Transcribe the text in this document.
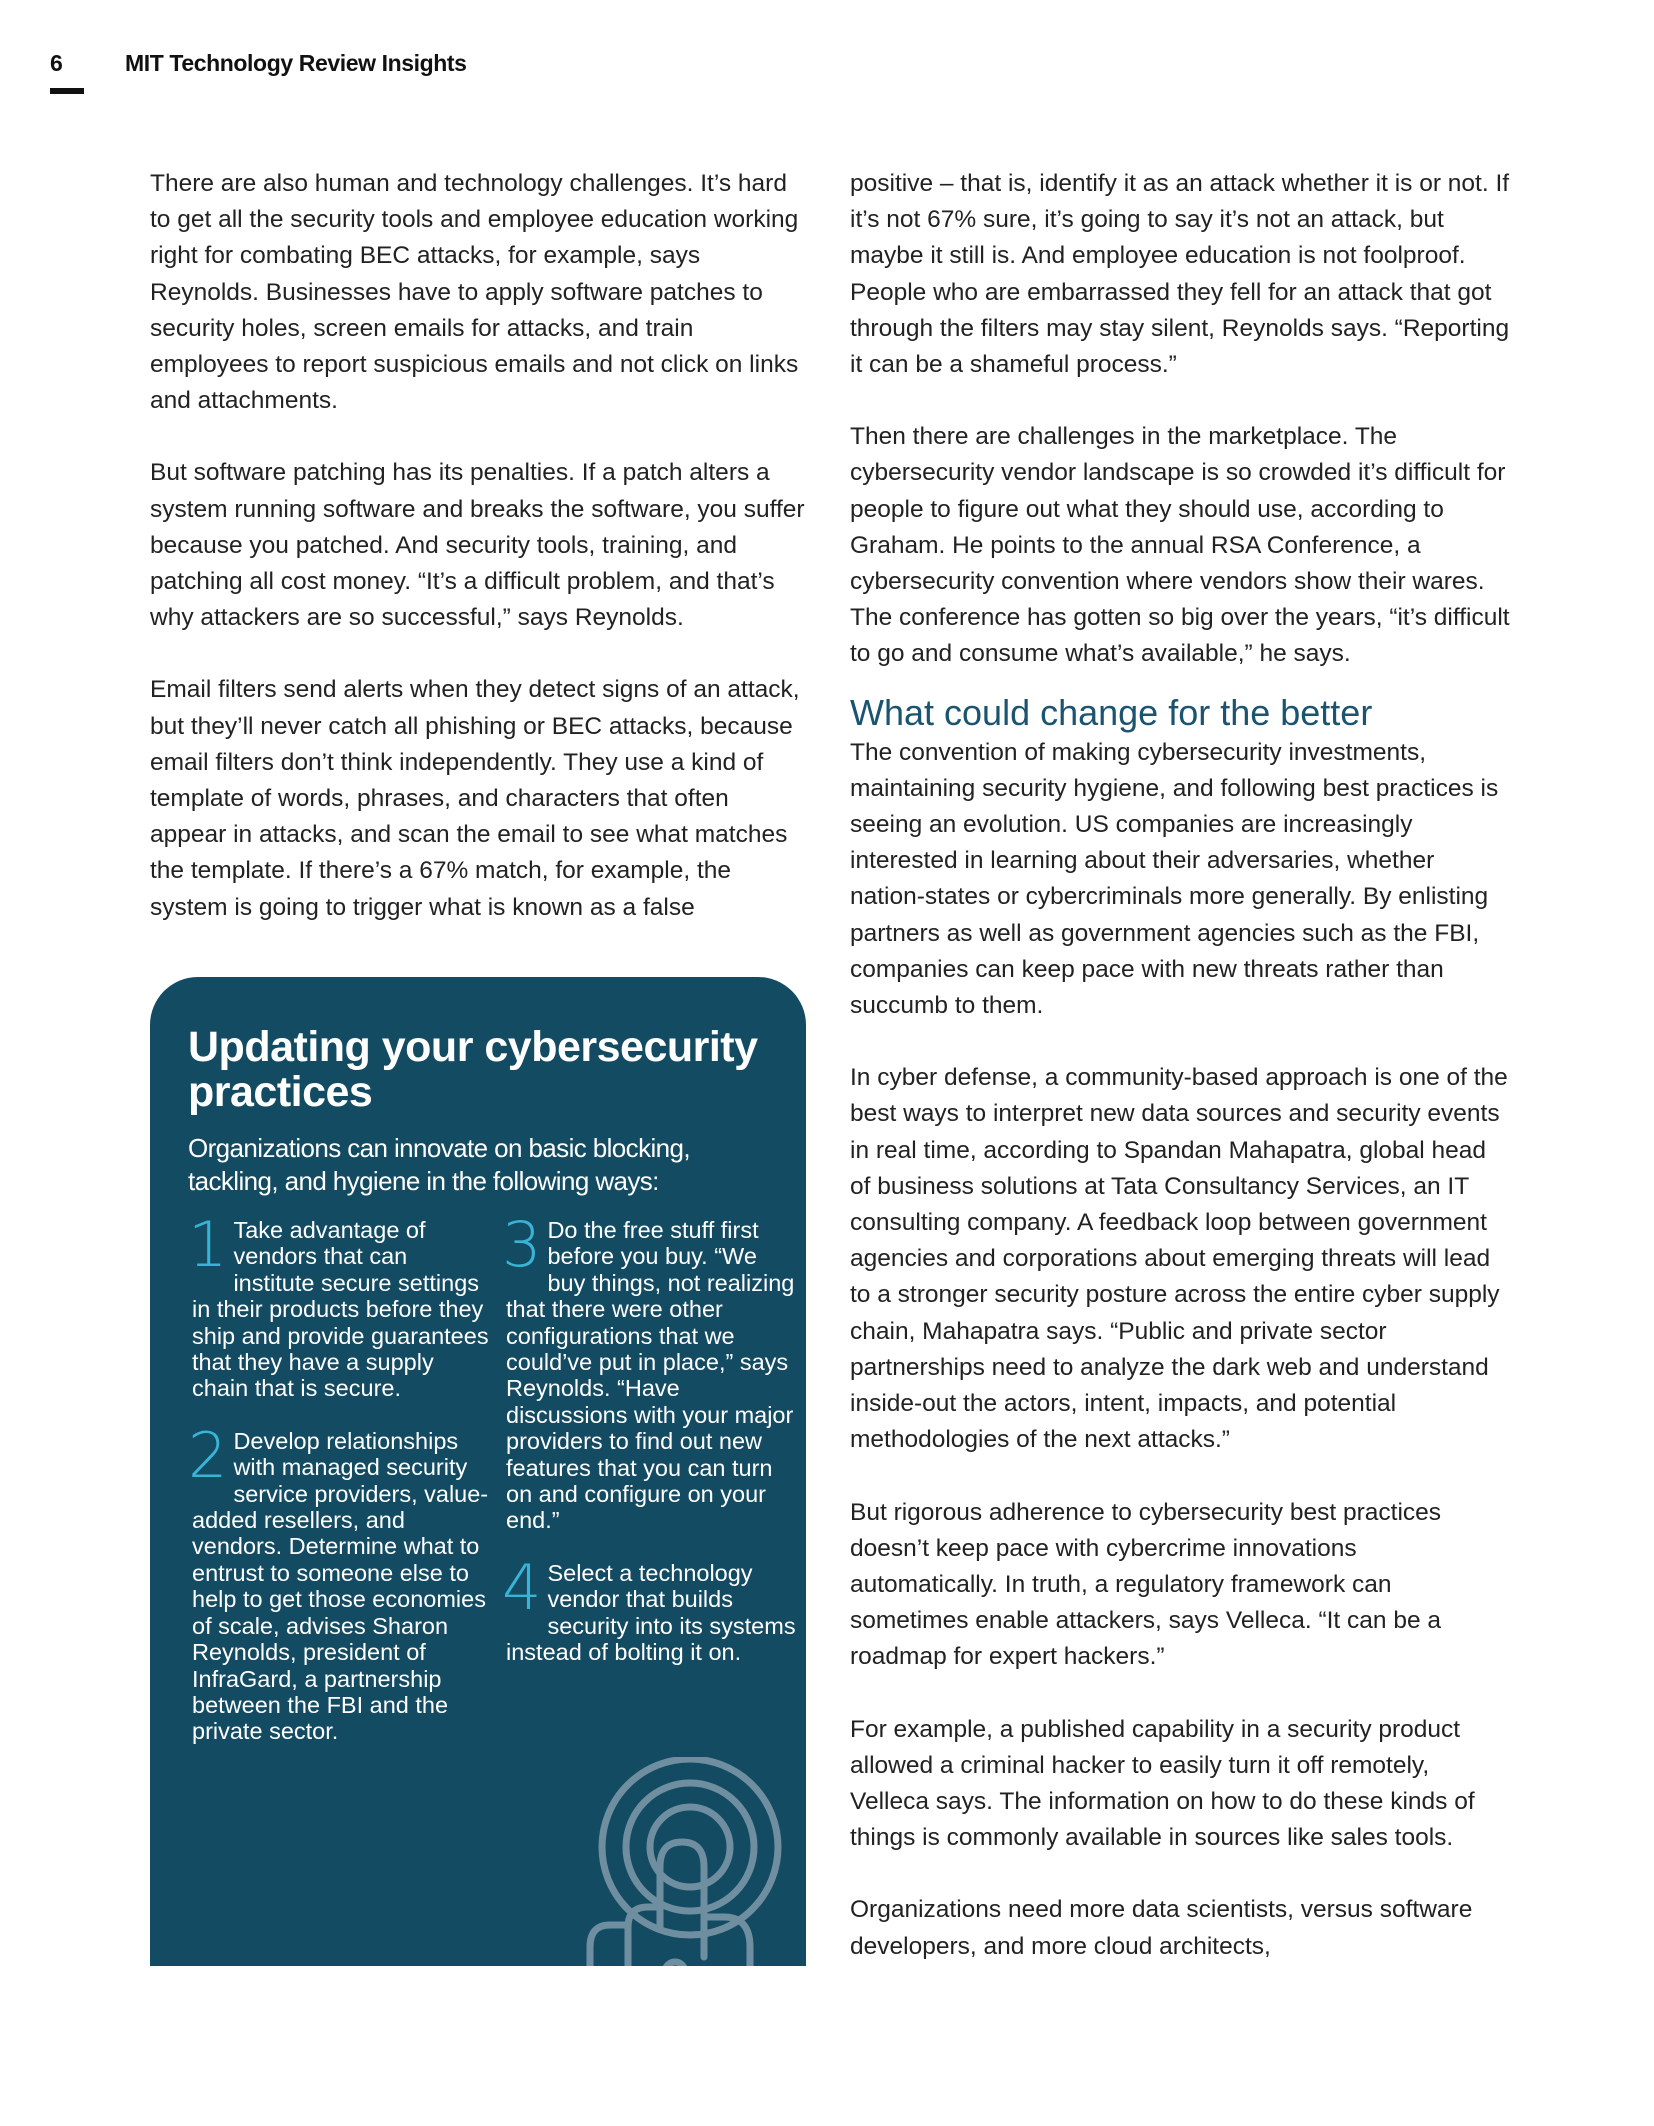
6	MIT Technology Review Insights

There are also human and technology challenges. It’s hard to get all the security tools and employee education working right for combating BEC attacks, for example, says Reynolds. Businesses have to apply software patches to security holes, screen emails for attacks, and train employees to report suspicious emails and not click on links and attachments.

But software patching has its penalties. If a patch alters a system running software and breaks the software, you suffer because you patched. And security tools, training, and patching all cost money. “It’s a difficult problem, and that’s why attackers are so successful,” says Reynolds.

Email filters send alerts when they detect signs of an attack, but they’ll never catch all phishing or BEC attacks, because email filters don’t think independently. They use a kind of template of words, phrases, and characters that often appear in attacks, and scan the email to see what matches the template. If there’s a 67% match, for example, the system is going to trigger what is known as a false

Updating your cybersecurity practices
Organizations can innovate on basic blocking, tackling, and hygiene in the following ways:
1 Take advantage of vendors that can institute secure settings in their products before they ship and provide guarantees that they have a supply chain that is secure.
2 Develop relationships with managed security service providers, value-added resellers, and vendors. Determine what to entrust to someone else to help to get those economies of scale, advises Sharon Reynolds, president of InfraGard, a partnership between the FBI and the private sector.
3 Do the free stuff first before you buy. “We buy things, not realizing that there were other configurations that we could’ve put in place,” says Reynolds. “Have discussions with your major providers to find out new features that you can turn on and configure on your end.”
4 Select a technology vendor that builds security into its systems instead of bolting it on.

positive – that is, identify it as an attack whether it is or not. If it’s not 67% sure, it’s going to say it’s not an attack, but maybe it still is. And employee education is not foolproof. People who are embarrassed they fell for an attack that got through the filters may stay silent, Reynolds says. “Reporting it can be a shameful process.”

Then there are challenges in the marketplace. The cybersecurity vendor landscape is so crowded it’s difficult for people to figure out what they should use, according to Graham. He points to the annual RSA Conference, a cybersecurity convention where vendors show their wares. The conference has gotten so big over the years, “it’s difficult to go and consume what’s available,” he says.

What could change for the better

The convention of making cybersecurity investments, maintaining security hygiene, and following best practices is seeing an evolution. US companies are increasingly interested in learning about their adversaries, whether nation-states or cybercriminals more generally. By enlisting partners as well as government agencies such as the FBI, companies can keep pace with new threats rather than succumb to them.

In cyber defense, a community-based approach is one of the best ways to interpret new data sources and security events in real time, according to Spandan Mahapatra, global head of business solutions at Tata Consultancy Services, an IT consulting company. A feedback loop between government agencies and corporations about emerging threats will lead to a stronger security posture across the entire cyber supply chain, Mahapatra says. “Public and private sector partnerships need to analyze the dark web and understand inside-out the actors, intent, impacts, and potential methodologies of the next attacks.”

But rigorous adherence to cybersecurity best practices doesn’t keep pace with cybercrime innovations automatically. In truth, a regulatory framework can sometimes enable attackers, says Velleca. “It can be a roadmap for expert hackers.”

For example, a published capability in a security product allowed a criminal hacker to easily turn it off remotely, Velleca says. The information on how to do these kinds of things is commonly available in sources like sales tools.

Organizations need more data scientists, versus software developers, and more cloud architects,
